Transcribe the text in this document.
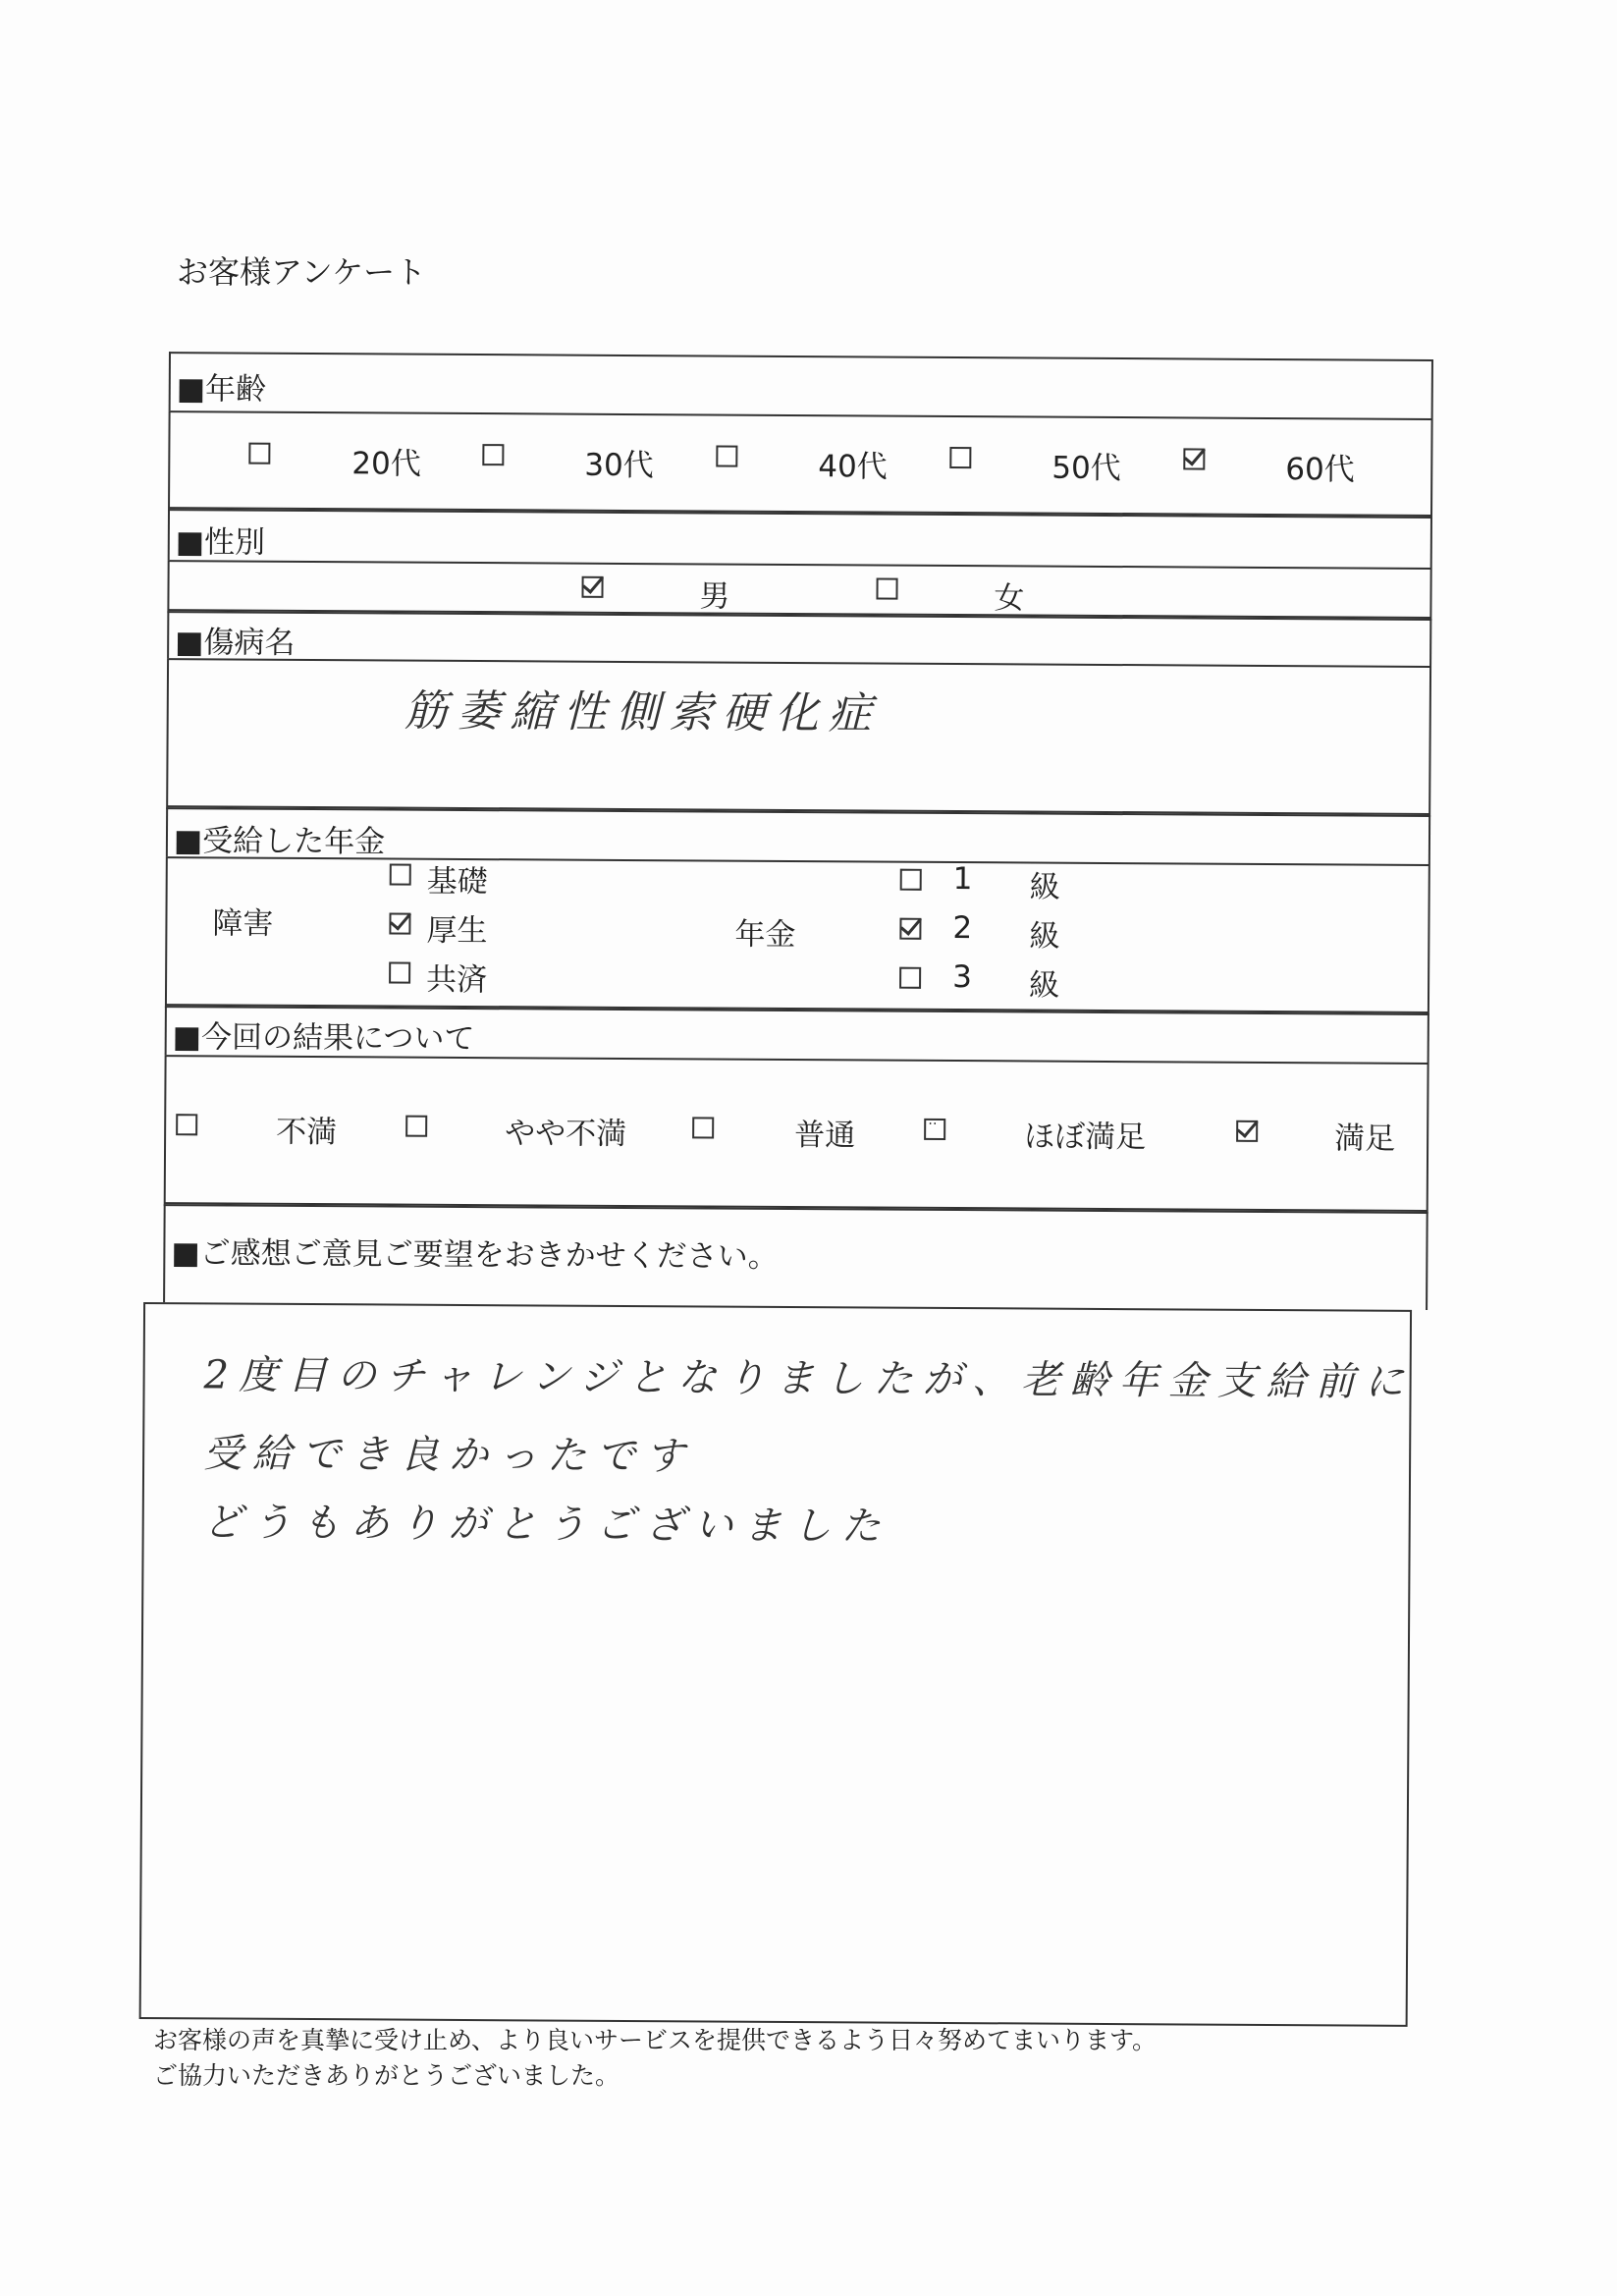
お客様アンケート
■年齢
20代	30代	40代	50代	60代
■性別
男	女
■傷病名
筋萎縮性側索硬化症
■受給した年金
障害
基礎
厚生
共済
年金
1 級
2 級
3 級
■今回の結果について
不満	やや不満	普通
‥	ほぼ満足	満足
■ご感想ご意見ご要望をおきかせください。
2度目のチャレンジとなりましたが、老齢年金支給前に
受給でき良かったです
どうもありがとうございました
お客様の声を真摯に受け止め、より良いサービスを提供できるよう日々努めてまいります。
ご協力いただきありがとうございました。
